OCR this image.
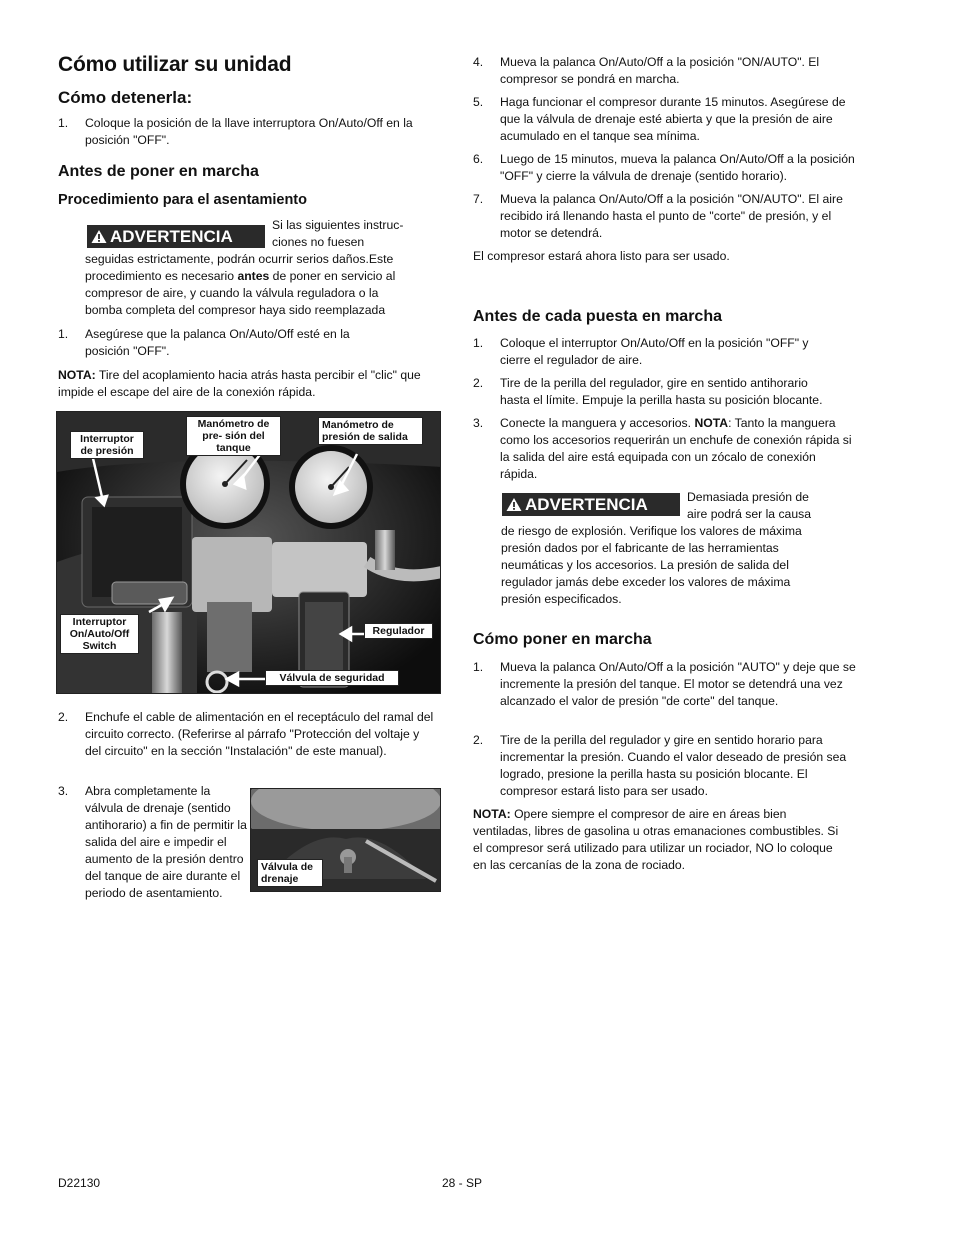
Cómo utilizar su unidad
Cómo detenerla:
1. Coloque la posición de la llave interruptora On/Auto/Off en la posición "OFF".
Antes de poner en marcha
Procedimiento para el asentamiento
ADVERTENCIA
Si las siguientes instruc- ciones no fuesen
seguidas estrictamente, podrán ocurrir serios daños.Este procedimiento es necesario antes de poner en servicio al compresor de aire, y cuando la válvula reguladora o la bomba completa del compresor haya sido reemplazada
1. Asegúrese que la palanca On/Auto/Off esté en la posición "OFF".
NOTA: Tire del acoplamiento hacia atrás hasta percibir el "clic" que impide el escape del aire de la conexión rápida.
Interruptor de presión
Manómetro de pre- sión del tanque
Manómetro de presión de salida
Interruptor On/Auto/Off Switch
Regulador
Válvula de seguridad
2. Enchufe el cable de alimentación en el receptáculo del ramal del circuito correcto. (Referirse al párrafo "Protección del voltaje y del circuito" en la sección "Instalación" de este manual).
3. Abra completamente la válvula de drenaje (sentido antihorario) a fin de permitir la salida del aire e impedir el aumento de la presión dentro del tanque de aire durante el periodo de asentamiento.
Válvula de drenaje
4. Mueva la palanca On/Auto/Off a la posición "ON/AUTO". El compresor se pondrá en marcha.
5. Haga funcionar el compresor durante 15 minutos. Asegúrese de que la válvula de drenaje esté abierta y que la presión de aire acumulado en el tanque sea mínima.
6. Luego de 15 minutos, mueva la palanca On/Auto/Off a la posición "OFF" y cierre la válvula de drenaje (sentido horario).
7. Mueva la palanca On/Auto/Off a la posición "ON/AUTO". El aire recibido irá llenando hasta el punto de "corte" de presión, y el motor se detendrá.
El compresor estará ahora listo para ser usado.
Antes de cada puesta en marcha
1. Coloque el interruptor On/Auto/Off en la posición "OFF" y cierre el regulador de aire.
2. Tire de la perilla del regulador, gire en sentido antihorario hasta el límite. Empuje la perilla hasta su posición blocante.
3. Conecte la manguera y accesorios. NOTA: Tanto la manguera como los accesorios requerirán un enchufe de conexión rápida si la salida del aire está equipada con un zócalo de conexión rápida.
ADVERTENCIA	Demasiada presión de aire podrá ser la causa
de riesgo de explosión. Verifique los valores de máxima presión dados por el fabricante de las herramientas neumáticas y los accesorios. La presión de salida del regulador jamás debe exceder los valores de máxima presión especificados.
Cómo poner en marcha
1. Mueva la palanca On/Auto/Off a la posición "AUTO" y deje que se incremente la presión del tanque. El motor se detendrá una vez alcanzado el valor de presión "de corte" del tanque.
2. Tire de la perilla del regulador y gire en sentido horario para incrementar la presión. Cuando el valor deseado de presión sea logrado, presione la perilla hasta su posición blocante. El compresor estará listo para ser usado.
NOTA: Opere siempre el compresor de aire en áreas bien ventiladas, libres de gasolina u otras emanaciones combustibles. Si el compresor será utilizado para utilizar un rociador, NO lo coloque en las cercanías de la zona de rociado.
D22130	28 - SP
